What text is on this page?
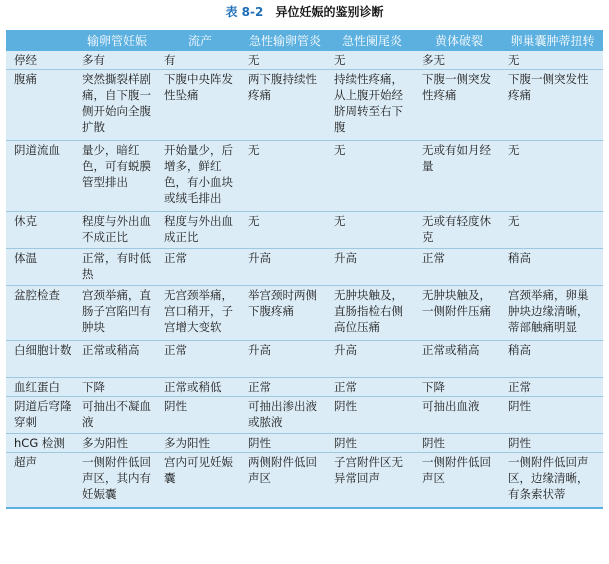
表 8-2 异位妊娠的鉴别诊断
	输卵管妊娠	流产	急性输卵管炎	急性阑尾炎	黄体破裂	卵巢囊肿蒂扭转
停经	多有	有	无	无	多无	无
腹痛	突然撕裂样剧痛，自下腹一侧开始向全腹扩散	下腹中央阵发性坠痛	两下腹持续性疼痛	持续性疼痛，从上腹开始经脐周转至右下腹	下腹一侧突发性疼痛	下腹一侧突发性疼痛
阴道流血	量少，暗红色，可有蜕膜管型排出	开始量少，后增多，鲜红色，有小血块或绒毛排出	无	无	无或有如月经量	无
休克	程度与外出血不成正比	程度与外出血成正比	无	无	无或有轻度休克	无
体温	正常，有时低热	正常	升高	升高	正常	稍高
盆腔检查	宫颈举痛，直肠子宫陷凹有肿块	无宫颈举痛，宫口稍开，子宫增大变软	举宫颈时两侧下腹疼痛	无肿块触及，直肠指检右侧高位压痛	无肿块触及，一侧附件压痛	宫颈举痛，卵巢肿块边缘清晰，蒂部触痛明显
白细胞计数	正常或稍高	正常	升高	升高	正常或稍高	稍高
血红蛋白	下降	正常或稍低	正常	正常	下降	正常
阴道后穹隆穿刺	可抽出不凝血液	阴性	可抽出渗出液或脓液	阴性	可抽出血液	阴性
hCG 检测	多为阳性	多为阳性	阴性	阴性	阴性	阴性
超声	一侧附件低回声区，其内有妊娠囊	宫内可见妊娠囊	两侧附件低回声区	子宫附件区无异常回声	一侧附件低回声区	一侧附件低回声区，边缘清晰，有条索状蒂
